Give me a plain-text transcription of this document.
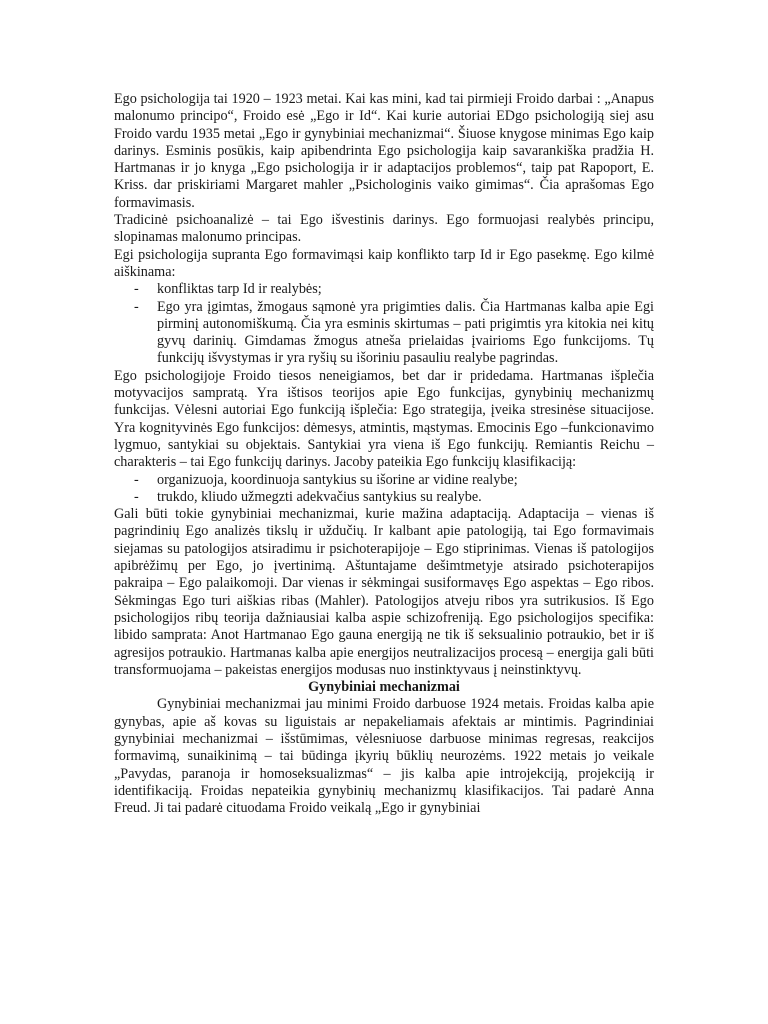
Ego psichologija tai 1920 – 1923 metai. Kai kas mini, kad tai pirmieji Froido darbai : „Anapus malonumo principo“, Froido esė „Ego ir Id“. Kai kurie autoriai EDgo psichologiją siej asu Froido vardu 1935 metai „Ego ir gynybiniai mechanizmai“. Šiuose knygose minimas Ego kaip darinys. Esminis posūkis, kaip apibendrinta Ego psichologija kaip savarankiška pradžia H. Hartmanas ir jo knyga „Ego psichologija ir ir adaptacijos problemos“, taip pat Rapoport, E. Kriss. dar priskiriami Margaret mahler „Psichologinis vaiko gimimas“. Čia aprašomas Ego formavimasis.

Tradicinė psichoanalizė – tai Ego išvestinis darinys. Ego formuojasi realybės principu, slopinamas malonumo principas.

Egi psichologija supranta Ego formavimąsi kaip konflikto tarp Id ir Ego pasekmę. Ego kilmė aiškinama:

- konfliktas tarp Id ir realybės;
- Ego yra įgimtas, žmogaus sąmonė yra prigimties dalis. Čia Hartmanas kalba apie Egi pirminį autonomiškumą. Čia yra esminis skirtumas – pati prigimtis yra kitokia nei kitų gyvų darinių. Gimdamas žmogus atneša prielaidas įvairioms Ego funkcijoms. Tų funkcijų išvystymas ir yra ryšių su išoriniu pasauliu realybe pagrindas.

Ego psichologijoje Froido tiesos neneigiamos, bet dar ir pridedama. Hartmanas išplečia motyvacijos sampratą. Yra ištisos teorijos apie Ego funkcijas, gynybinių mechanizmų funkcijas. Vėlesni autoriai Ego funkciją išplečia: Ego strategija, įveika stresinėse situacijose. Yra kognityvinės Ego funkcijos: dėmesys, atmintis, mąstymas. Emocinis Ego –funkcionavimo lygmuo, santykiai su objektais. Santykiai yra viena iš Ego funkcijų. Remiantis Reichu – charakteris – tai Ego funkcijų darinys. Jacoby pateikia Ego funkcijų klasifikaciją:

- organizuoja, koordinuoja santykius su išorine ar vidine realybe;
- trukdo, kliudo užmegzti adekvačius santykius su realybe.

Gali būti tokie gynybiniai mechanizmai, kurie mažina adaptaciją. Adaptacija – vienas iš pagrindinių Ego analizės tikslų ir uždučių. Ir kalbant apie patologiją, tai Ego formavimais siejamas su patologijos atsiradimu ir psichoterapijoje – Ego stiprinimas. Vienas iš patologijos apibrėžimų per Ego, jo įvertinimą. Aštuntajame dešimtmetyje atsirado psichoterapijos pakraipa – Ego palaikomoji. Dar vienas ir sėkmingai susiformavęs Ego aspektas – Ego ribos. Sėkmingas Ego turi aiškias ribas (Mahler). Patologijos atveju ribos yra sutrikusios. Iš Ego psichologijos ribų teorija dažniausiai kalba aspie schizofreniją. Ego psichologijos specifika: libido samprata: Anot Hartmanao Ego gauna energiją ne tik iš seksualinio potraukio, bet ir iš agresijos potraukio. Hartmanas kalba apie energijos neutralizacijos procesą – energija gali būti transformuojama – pakeistas energijos modusas nuo instinktyvaus į neinstinktyvų.

Gynybiniai mechanizmai

Gynybiniai mechanizmai jau minimi Froido darbuose 1924 metais. Froidas kalba apie gynybas, apie aš kovas su liguistais ar nepakeliamais afektais ar mintimis. Pagrindiniai gynybiniai mechanizmai – išstūmimas, vėlesniuose darbuose minimas regresas, reakcijos formavimą, sunaikinimą – tai būdinga įkyrių būklių neurozėms. 1922 metais jo veikale „Pavydas, paranoja ir homoseksualizmas“ – jis kalba apie introjekciją, projekciją ir identifikaciją. Froidas nepateikia gynybinių mechanizmų klasifikacijos. Tai padarė Anna Freud. Ji tai padarė cituodama Froido veikalą „Ego ir gynybiniai
